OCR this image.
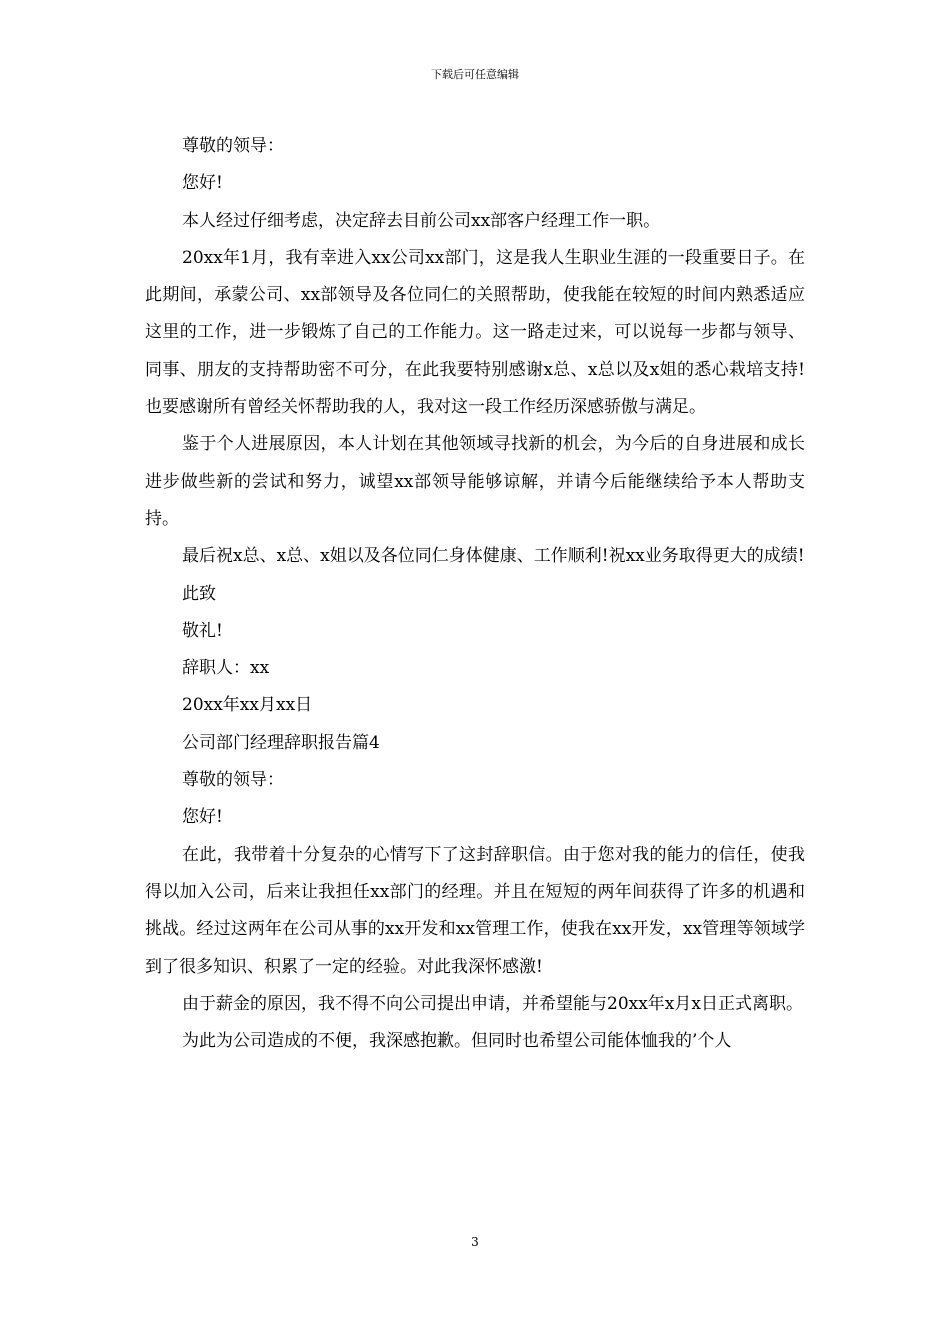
下载后可任意编辑

尊敬的领导：

您好!

本人经过仔细考虑，决定辞去目前公司xx部客户经理工作一职。

20xx年1月，我有幸进入xx公司xx部门，这是我人生职业生涯的一段重要日子。在此期间，承蒙公司、xx部领导及各位同仁的关照帮助，使我能在较短的时间内熟悉适应这里的工作，进一步锻炼了自己的工作能力。这一路走过来，可以说每一步都与领导、同事、朋友的支持帮助密不可分，在此我要特别感谢x总、x总以及x姐的悉心栽培支持!也要感谢所有曾经关怀帮助我的人，我对这一段工作经历深感骄傲与满足。

鉴于个人进展原因，本人计划在其他领域寻找新的机会，为今后的自身进展和成长进步做些新的尝试和努力，诚望xx部领导能够谅解，并请今后能继续给予本人帮助支持。

最后祝x总、x总、x姐以及各位同仁身体健康、工作顺利!祝xx业务取得更大的成绩!

此致

敬礼!

辞职人：xx

20xx年xx月xx日

公司部门经理辞职报告篇4

尊敬的领导：

您好!

在此，我带着十分复杂的心情写下了这封辞职信。由于您对我的能力的信任，使我得以加入公司，后来让我担任xx部门的经理。并且在短短的两年间获得了许多的机遇和挑战。经过这两年在公司从事的xx开发和xx管理工作，使我在xx开发，xx管理等领域学到了很多知识、积累了一定的经验。对此我深怀感激!

由于薪金的原因，我不得不向公司提出申请，并希望能与20xx年x月x日正式离职。

为此为公司造成的不便，我深感抱歉。但同时也希望公司能体恤我的’个人

3
